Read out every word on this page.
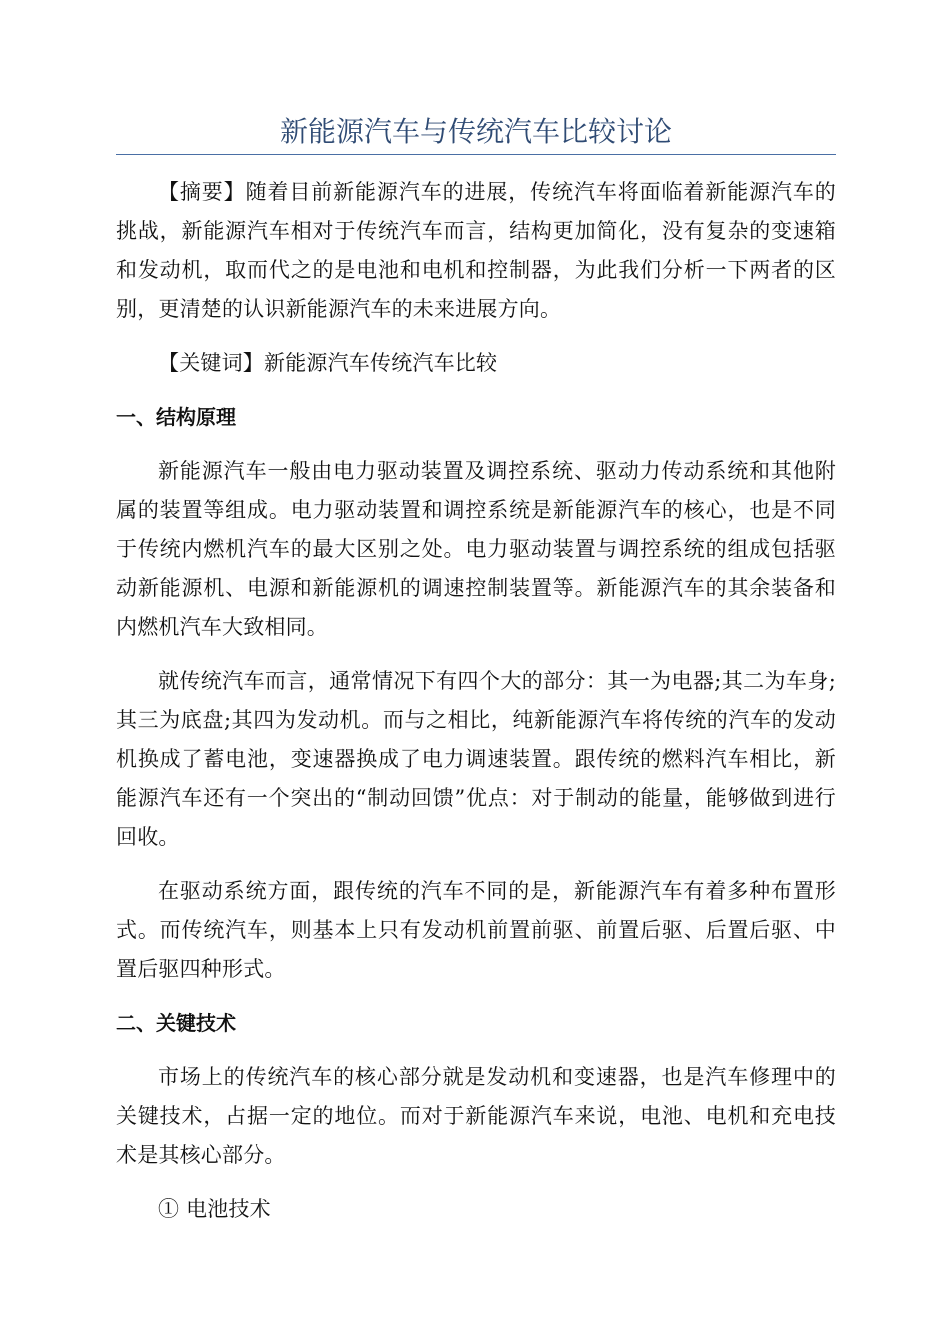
新能源汽车与传统汽车比较讨论

【摘要】随着目前新能源汽车的进展，传统汽车将面临着新能源汽车的挑战，新能源汽车相对于传统汽车而言，结构更加简化，没有复杂的变速箱和发动机，取而代之的是电池和电机和控制器，为此我们分析一下两者的区别，更清楚的认识新能源汽车的未来进展方向。

【关键词】新能源汽车传统汽车比较

一、结构原理

新能源汽车一般由电力驱动装置及调控系统、驱动力传动系统和其他附属的装置等组成。电力驱动装置和调控系统是新能源汽车的核心，也是不同于传统内燃机汽车的最大区别之处。电力驱动装置与调控系统的组成包括驱动新能源机、电源和新能源机的调速控制装置等。新能源汽车的其余装备和内燃机汽车大致相同。

就传统汽车而言，通常情况下有四个大的部分：其一为电器;其二为车身;其三为底盘;其四为发动机。而与之相比，纯新能源汽车将传统的汽车的发动机换成了蓄电池，变速器换成了电力调速装置。跟传统的燃料汽车相比，新能源汽车还有一个突出的“制动回馈”优点：对于制动的能量，能够做到进行回收。

在驱动系统方面，跟传统的汽车不同的是，新能源汽车有着多种布置形式。而传统汽车，则基本上只有发动机前置前驱、前置后驱、后置后驱、中置后驱四种形式。

二、关键技术

市场上的传统汽车的核心部分就是发动机和变速器，也是汽车修理中的关键技术，占据一定的地位。而对于新能源汽车来说，电池、电机和充电技术是其核心部分。

① 电池技术
